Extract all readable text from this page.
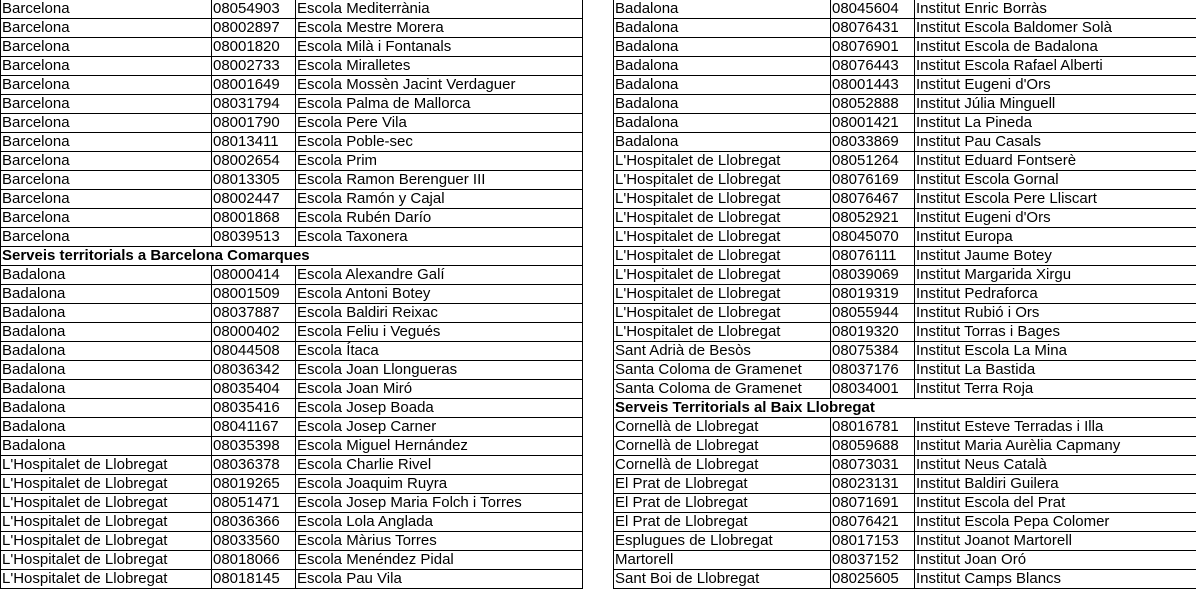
Barcelona	08054903	Escola Mediterrània
Barcelona	08002897	Escola Mestre Morera
Barcelona	08001820	Escola Milà i Fontanals
Barcelona	08002733	Escola Miralletes
Barcelona	08001649	Escola Mossèn Jacint Verdaguer
Barcelona	08031794	Escola Palma de Mallorca
Barcelona	08001790	Escola Pere Vila
Barcelona	08013411	Escola Poble-sec
Barcelona	08002654	Escola Prim
Barcelona	08013305	Escola Ramon Berenguer III
Barcelona	08002447	Escola Ramón y Cajal
Barcelona	08001868	Escola Rubén Darío
Barcelona	08039513	Escola Taxonera
Serveis territorials a Barcelona Comarques		
Badalona	08000414	Escola Alexandre Galí
Badalona	08001509	Escola Antoni Botey
Badalona	08037887	Escola Baldiri Reixac
Badalona	08000402	Escola Feliu i Vegués
Badalona	08044508	Escola Ítaca
Badalona	08036342	Escola Joan Llongueras
Badalona	08035404	Escola Joan Miró
Badalona	08035416	Escola Josep Boada
Badalona	08041167	Escola Josep Carner
Badalona	08035398	Escola Miguel Hernández
L'Hospitalet de Llobregat	08036378	Escola Charlie Rivel
L'Hospitalet de Llobregat	08019265	Escola Joaquim Ruyra
L'Hospitalet de Llobregat	08051471	Escola Josep Maria Folch i Torres
L'Hospitalet de Llobregat	08036366	Escola Lola Anglada
L'Hospitalet de Llobregat	08033560	Escola Màrius Torres
L'Hospitalet de Llobregat	08018066	Escola Menéndez Pidal
L'Hospitalet de Llobregat	08018145	Escola Pau Vila
Badalona	08045604	Institut Enric Borràs
Badalona	08076431	Institut Escola Baldomer Solà
Badalona	08076901	Institut Escola de Badalona
Badalona	08076443	Institut Escola Rafael Alberti
Badalona	08001443	Institut Eugeni d'Ors
Badalona	08052888	Institut Júlia Minguell
Badalona	08001421	Institut La Pineda
Badalona	08033869	Institut Pau Casals
L'Hospitalet de Llobregat	08051264	Institut Eduard Fontserè
L'Hospitalet de Llobregat	08076169	Institut Escola Gornal
L'Hospitalet de Llobregat	08076467	Institut Escola Pere Lliscart
L'Hospitalet de Llobregat	08052921	Institut Eugeni d'Ors
L'Hospitalet de Llobregat	08045070	Institut Europa
L'Hospitalet de Llobregat	08076111	Institut Jaume Botey
L'Hospitalet de Llobregat	08039069	Institut Margarida Xirgu
L'Hospitalet de Llobregat	08019319	Institut Pedraforca
L'Hospitalet de Llobregat	08055944	Institut Rubió i Ors
L'Hospitalet de Llobregat	08019320	Institut Torras i Bages
Sant Adrià de Besòs	08075384	Institut Escola La Mina
Santa Coloma de Gramenet	08037176	Institut La Bastida
Santa Coloma de Gramenet	08034001	Institut Terra Roja
Serveis Territorials al Baix Llobregat		
Cornellà de Llobregat	08016781	Institut Esteve Terradas i Illa
Cornellà de Llobregat	08059688	Institut Maria Aurèlia Capmany
Cornellà de Llobregat	08073031	Institut Neus Català
El Prat de Llobregat	08023131	Institut Baldiri Guilera
El Prat de Llobregat	08071691	Institut Escola del Prat
El Prat de Llobregat	08076421	Institut Escola Pepa Colomer
Esplugues de Llobregat	08017153	Institut Joanot Martorell
Martorell	08037152	Institut Joan Oró
Sant Boi de Llobregat	08025605	Institut Camps Blancs
